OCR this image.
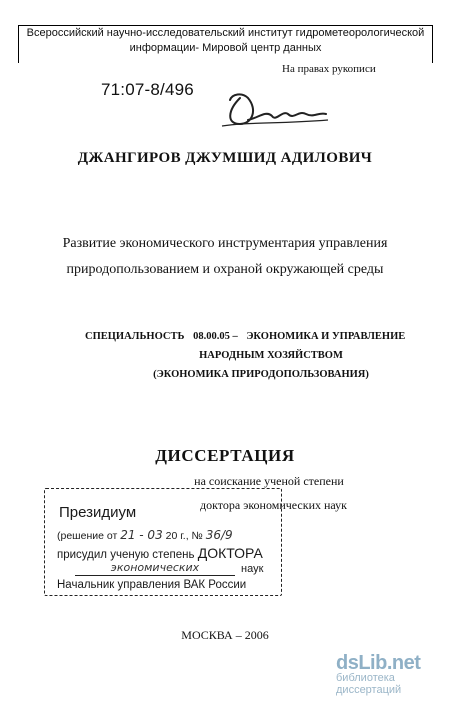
Всероссийский научно-исследовательский институт гидрометеорологической
информации- Мировой центр данных
На правах рукописи
71:07-8/496
ДЖАНГИРОВ ДЖУМШИД АДИЛОВИЧ
Развитие экономического инструментария управления
природопользованием и охраной окружающей среды
СПЕЦИАЛЬНОСТЬ 08.00.05 – ЭКОНОМИКА И УПРАВЛЕНИЕ
НАРОДНЫМ ХОЗЯЙСТВОМ
(ЭКОНОМИКА ПРИРОДОПОЛЬЗОВАНИЯ)
ДИССЕРТАЦИЯ
на соискание ученой степени
доктора экономических наук
Президиум
(решение от 21 - 03 20 г., № 36/9
присудил ученую степень ДОКТОРА
экономических	наук
Начальник управления ВАК России
МОСКВА – 2006
dsLib.net
библиотека диссертаций
